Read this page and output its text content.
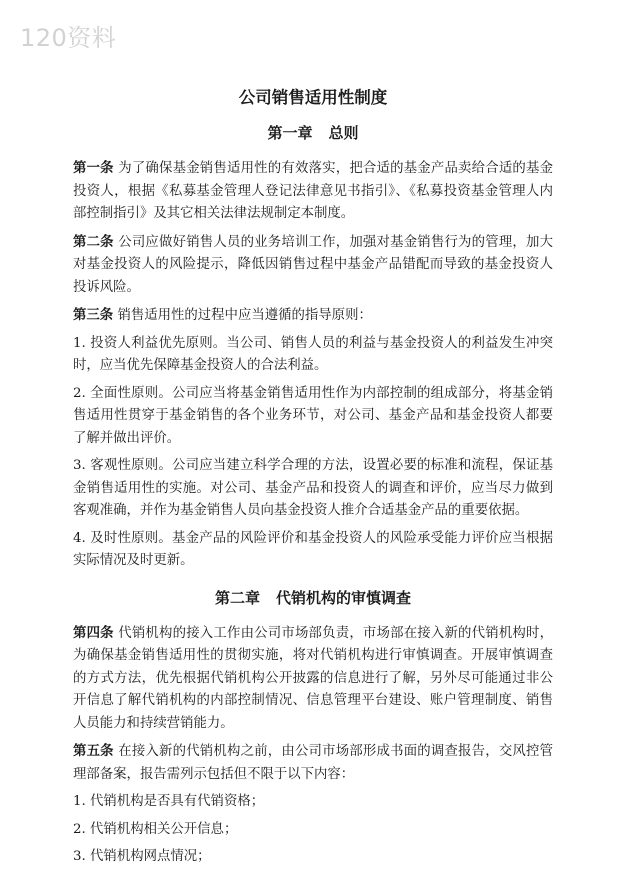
120资料
公司销售适用性制度
第一章 总则

第一条 为了确保基金销售适用性的有效落实，把合适的基金产品卖给合适的基金投资人，根据《私募基金管理人登记法律意见书指引》、《私募投资基金管理人内部控制指引》及其它相关法律法规制定本制度。

第二条 公司应做好销售人员的业务培训工作，加强对基金销售行为的管理，加大对基金投资人的风险提示，降低因销售过程中基金产品错配而导致的基金投资人投诉风险。

第三条 销售适用性的过程中应当遵循的指导原则：

1. 投资人利益优先原则。当公司、销售人员的利益与基金投资人的利益发生冲突时，应当优先保障基金投资人的合法利益。

2. 全面性原则。公司应当将基金销售适用性作为内部控制的组成部分，将基金销售适用性贯穿于基金销售的各个业务环节，对公司、基金产品和基金投资人都要了解并做出评价。

3. 客观性原则。公司应当建立科学合理的方法，设置必要的标准和流程，保证基金销售适用性的实施。对公司、基金产品和投资人的调查和评价，应当尽力做到客观准确，并作为基金销售人员向基金投资人推介合适基金产品的重要依据。

4. 及时性原则。基金产品的风险评价和基金投资人的风险承受能力评价应当根据实际情况及时更新。

第二章 代销机构的审慎调查

第四条 代销机构的接入工作由公司市场部负责，市场部在接入新的代销机构时，为确保基金销售适用性的贯彻实施，将对代销机构进行审慎调查。开展审慎调查的方式方法，优先根据代销机构公开披露的信息进行了解，另外尽可能通过非公开信息了解代销机构的内部控制情况、信息管理平台建设、账户管理制度、销售人员能力和持续营销能力。

第五条 在接入新的代销机构之前，由公司市场部形成书面的调查报告，交风控管理部备案，报告需列示包括但不限于以下内容：

1. 代销机构是否具有代销资格；

2. 代销机构相关公开信息；

3. 代销机构网点情况；
